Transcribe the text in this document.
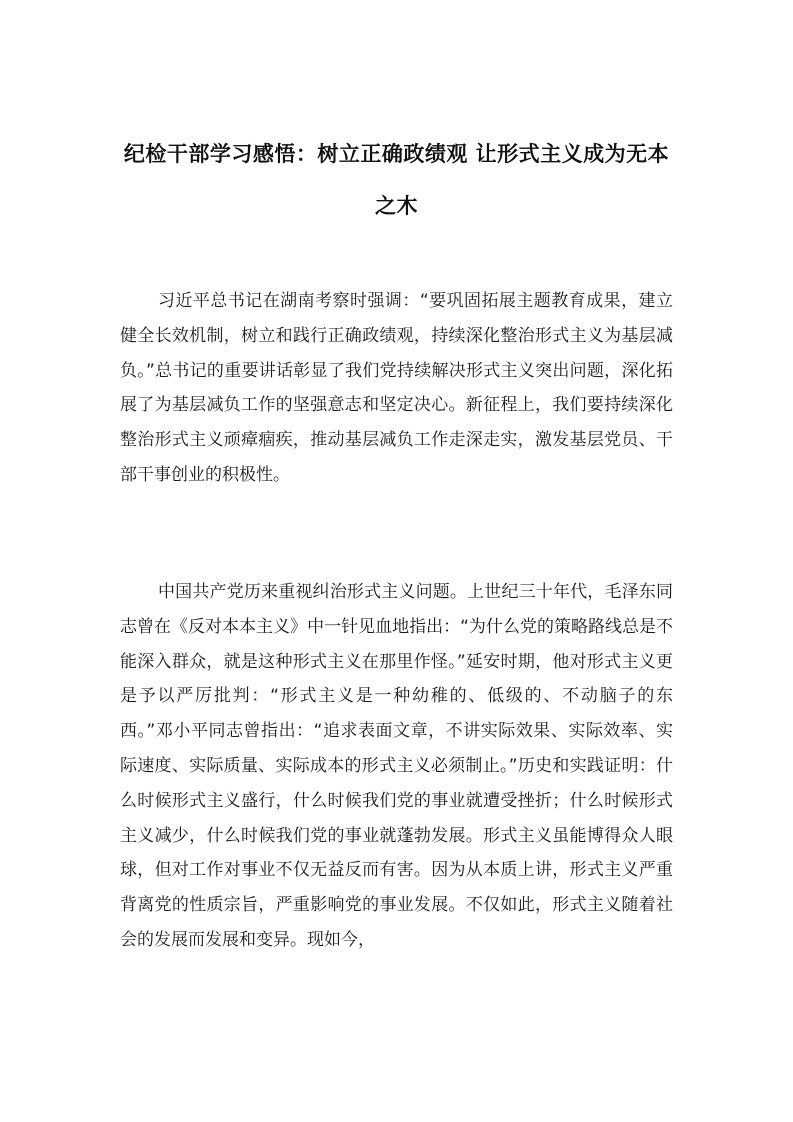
纪检干部学习感悟：树立正确政绩观 让形式主义成为无本之木

习近平总书记在湖南考察时强调：“要巩固拓展主题教育成果，建立健全长效机制，树立和践行正确政绩观，持续深化整治形式主义为基层减负。”总书记的重要讲话彰显了我们党持续解决形式主义突出问题，深化拓展了为基层减负工作的坚强意志和坚定决心。新征程上，我们要持续深化整治形式主义顽瘴痼疾，推动基层减负工作走深走实，激发基层党员、干部干事创业的积极性。

中国共产党历来重视纠治形式主义问题。上世纪三十年代，毛泽东同志曾在《反对本本主义》中一针见血地指出：“为什么党的策略路线总是不能深入群众，就是这种形式主义在那里作怪。”延安时期，他对形式主义更是予以严厉批判：“形式主义是一种幼稚的、低级的、不动脑子的东西。”邓小平同志曾指出：“追求表面文章，不讲实际效果、实际效率、实际速度、实际质量、实际成本的形式主义必须制止。”历史和实践证明：什么时候形式主义盛行，什么时候我们党的事业就遭受挫折；什么时候形式主义减少，什么时候我们党的事业就蓬勃发展。形式主义虽能博得众人眼球，但对工作对事业不仅无益反而有害。因为从本质上讲，形式主义严重背离党的性质宗旨，严重影响党的事业发展。不仅如此，形式主义随着社会的发展而发展和变异。现如今，
